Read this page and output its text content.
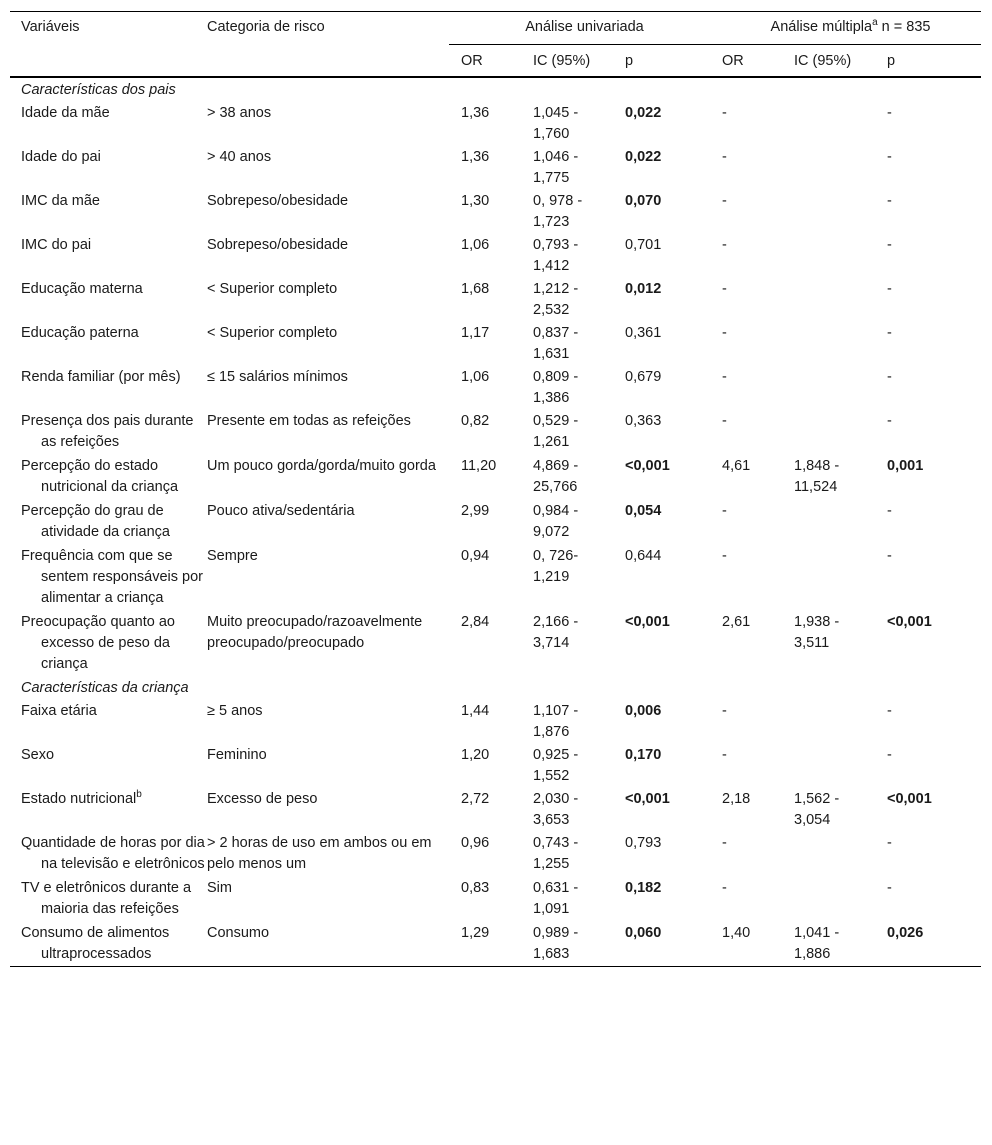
Variáveis	Categoria de risco	Análise univariada			Análise múltipla$^a$ n = 835		
		OR	IC (95%)	p	OR	IC (95%)	p
Características dos pais							
Idade da mãe	> 38 anos	1,36	1,045 - 1,760	0,022	-		-
Idade do pai	> 40 anos	1,36	1,046 - 1,775	0,022	-		-
IMC da mãe	Sobrepeso/obesidade	1,30	0, 978 - 1,723	0,070	-		-
IMC do pai	Sobrepeso/obesidade	1,06	0,793 - 1,412	0,701	-		-
Educação materna	< Superior completo	1,68	1,212 - 2,532	0,012	-		-
Educação paterna	< Superior completo	1,17	0,837 - 1,631	0,361	-		-
Renda familiar (por mês)	≤ 15 salários mínimos	1,06	0,809 - 1,386	0,679	-		-
Presença dos pais durante as refeições	Presente em todas as refeições	0,82	0,529 - 1,261	0,363	-		-
Percepção do estado nutricional da criança	Um pouco gorda/gorda/muito gorda	11,20	4,869 - 25,766	<0,001	4,61	1,848 - 11,524	0,001
Percepção do grau de atividade da criança	Pouco ativa/sedentária	2,99	0,984 - 9,072	0,054	-		-
Frequência com que se sentem responsáveis por alimentar a criança	Sempre	0,94	0, 726- 1,219	0,644	-		-
Preocupação quanto ao excesso de peso da criança	Muito preocupado/razoavelmente preocupado/preocupado	2,84	2,166 - 3,714	<0,001	2,61	1,938 - 3,511	<0,001
Características da criança							
Faixa etária	≥ 5 anos	1,44	1,107 - 1,876	0,006	-		-
Sexo	Feminino	1,20	0,925 - 1,552	0,170	-		-
Estado nutricional$^b$	Excesso de peso	2,72	2,030 - 3,653	<0,001	2,18	1,562 - 3,054	<0,001
Quantidade de horas por dia na televisão e eletrônicos	> 2 horas de uso em ambos ou em pelo menos um	0,96	0,743 - 1,255	0,793	-		-
TV e eletrônicos durante a maioria das refeições	Sim	0,83	0,631 - 1,091	0,182	-		-
Consumo de alimentos ultraprocessados	Consumo	1,29	0,989 - 1,683	0,060	1,40	1,041 - 1,886	0,026
